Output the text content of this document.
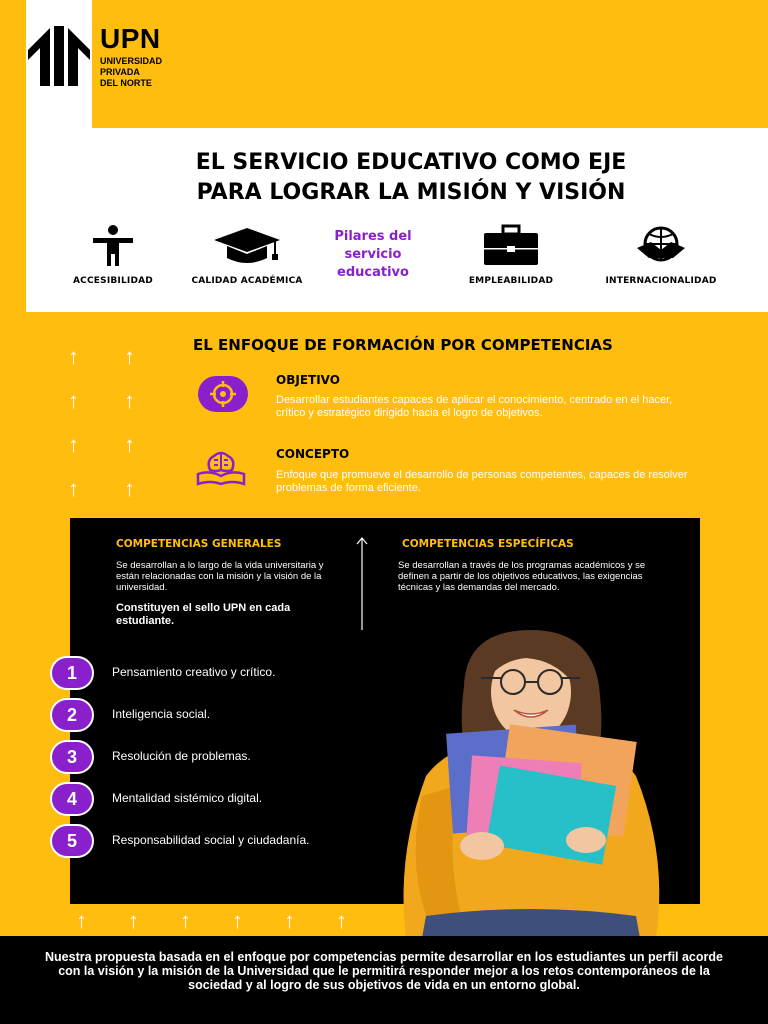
UPN
UNIVERSIDAD
PRIVADA
DEL NORTE
EL SERVICIO EDUCATIVO COMO EJE
PARA LOGRAR LA MISIÓN Y VISIÓN
ACCESIBILIDAD	CALIDAD ACADÉMICA
Pilares del
servicio
educativo
EMPLEABILIDAD	INTERNACIONALIDAD
↑ ↑
↑ ↑
↑ ↑
↑ ↑
EL ENFOQUE DE FORMACIÓN POR COMPETENCIAS
OBJETIVO
Desarrollar estudiantes capaces de aplicar el conocimiento, centrado en el hacer, crítico y estratégico dirigido hacia el logro de objetivos.
CONCEPTO
Enfoque que promueve el desarrollo de personas competentes, capaces de resolver problemas de forma eficiente.
COMPETENCIAS GENERALES
Se desarrollan a lo largo de la vida universitaria y están relacionadas con la misión y la visión de la universidad.
Constituyen el sello UPN en cada estudiante.
COMPETENCIAS ESPECÍFICAS
Se desarrollan a través de los programas académicos y se definen a partir de los objetivos educativos, las exigencias técnicas y las demandas del mercado.
1	Pensamiento creativo y crítico.
2	Inteligencia social.
3	Resolución de problemas.
4	Mentalidad sistémico digital.
5	Responsabilidad social y ciudadanía.
↑ ↑ ↑ ↑ ↑ ↑
Nuestra propuesta basada en el enfoque por competencias permite desarrollar en los estudiantes un perfil acorde con la visión y la misión de la Universidad que le permitirá responder mejor a los retos contemporáneos de la sociedad y al logro de sus objetivos de vida en un entorno global.
